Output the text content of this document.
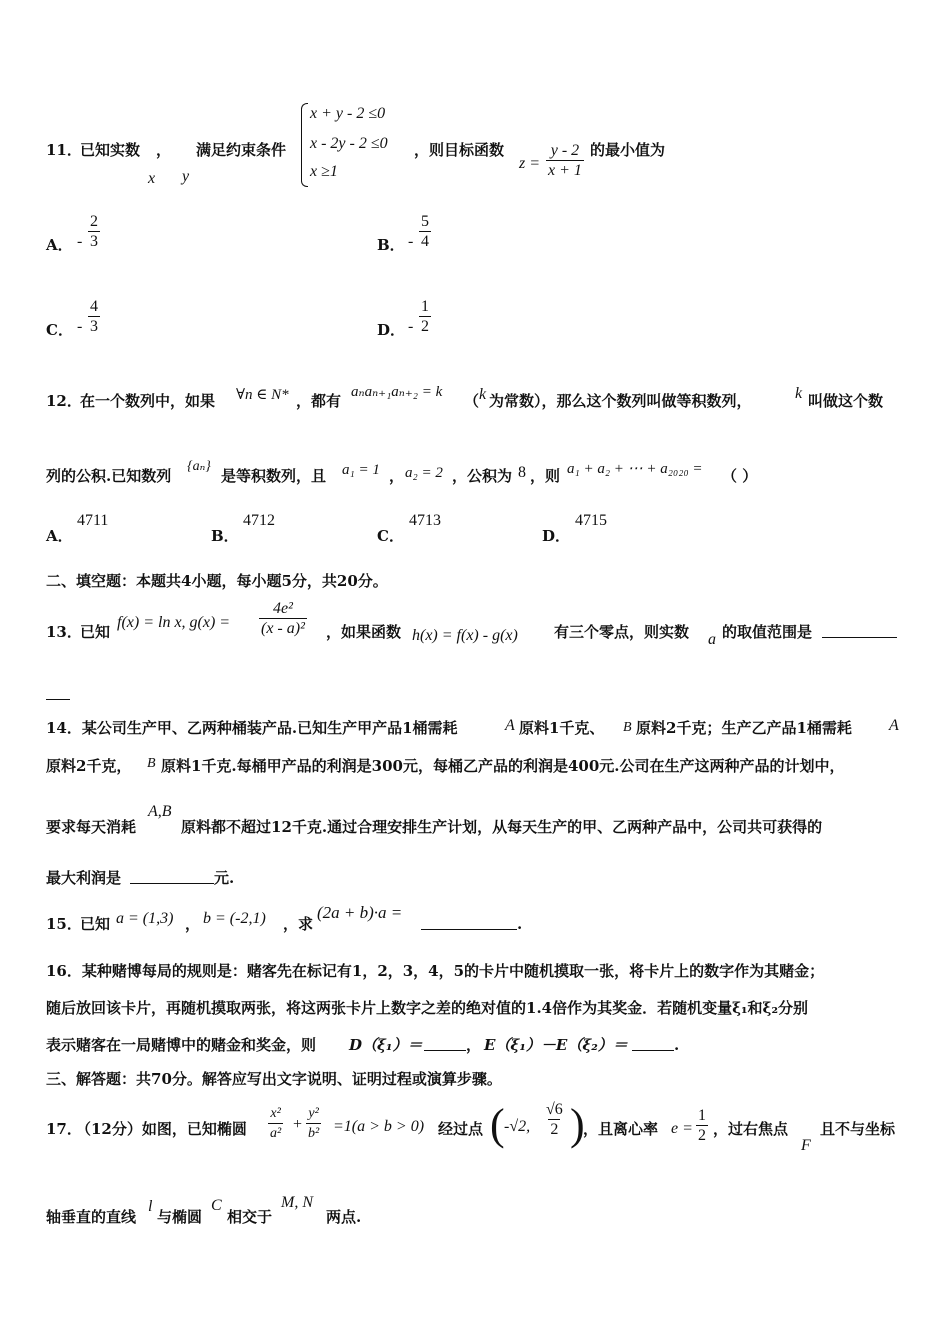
11．
已知实数 ， 满足约束条件
x y
x + y - 2 ≤0
x - 2y - 2 ≤0
x ≥1
，则目标函数
$z = \frac{y - 2}{x + 1}$ 的最小值为
A． - $\frac{2}{3}$	B． - $\frac{5}{4}$
C． - $\frac{4}{3}$	D． - $\frac{1}{2}$
12．
在一个数列中，如果 ∀n ∈ N* ，都有 aₙaₙ₊₁aₙ₊₂ = k （ k 为常数），那么这个数列叫做等积数列，	k 叫做这个数
列的公积.已知数列
{aₙ}
是等积数列，且 a₁ = 1 ， a₂ = 2 ，公积为 8 ，则 a₁ + a₂ + ⋯ + a₂₀₂₀ = （ ）
A．
4711
B．
4712
C．
4713
D．
4715
二、填空题：本题共4小题，每小题5分，共20分。
13．
已知
f(x) = ln x, $g(x) = \frac{\text{4e²}}{\text{(x - a)²}}$ ，如果函数 h(x) = f(x) - g(x) 有三个零点，则实数 a 的取值范围是
14．某公司生产甲、乙两种桶装产品.已知生产甲产品1桶需耗	A 原料1千克、 B 原料2千克；生产乙产品1桶需耗 A
原料2千克， B 原料1千克.每桶甲产品的利润是300元，每桶乙产品的利润是400元.公司在生产这两种产品的计划中，
要求每天消耗
A,B
原料都不超过12千克.通过合理安排生产计划，从每天生产的甲、乙两种产品中，公司共可获得的
最大利润是	元.
15．
已知 a = (1,3) ， b = (-2,1) ，求
(2a + b)·a =
.
16．某种赌博每局的规则是：赌客先在标记有1，2，3，4，5的卡片中随机摸取一张，将卡片上的数字作为其赌金；
随后放回该卡片，再随机摸取两张，将这两张卡片上数字之差的绝对值的1.4倍作为其奖金．若随机变量ξ₁和ξ₂分别
表示赌客在一局赌博中的赌金和奖金，则 D（ξ₁）＝	， E（ξ₁）－E（ξ₂）＝	.
三、解答题：共70分。解答应写出文字说明、证明过程或演算步骤。
17．
（12分）如图，已知椭圆 $\frac{\text{x²}}{\text{a²}} + \frac{\text{y²}}{\text{b²}} =1(a > b > 0)$ 经过点 ( -√2, $\frac{√6}{2}$ )
，且离心率 $e = \frac{1}{2}$ ，过右焦点
F
且不与坐标
轴垂直的直线
l
与椭圆
C
相交于
M, N
两点.
